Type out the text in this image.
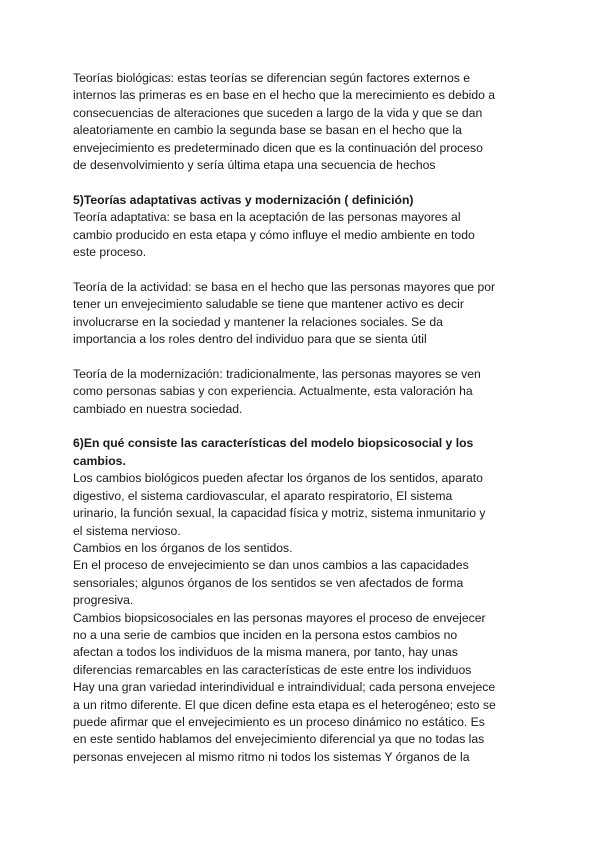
Teorías biológicas: estas teorías se diferencian según factores externos e
internos las primeras es en base en el hecho que la merecimiento es debido a
consecuencias de alteraciones que suceden a largo de la vida y que se dan
aleatoriamente en cambio la segunda base se basan en el hecho que la
envejecimiento es predeterminado dicen que es la continuación del proceso
de desenvolvimiento y sería última etapa una secuencia de hechos
5)Teorías adaptativas activas y modernización ( definición)
Teoría adaptativa: se basa en la aceptación de las personas mayores al
cambio producido en esta etapa y cómo influye el medio ambiente en todo
este proceso.
Teoría de la actividad: se basa en el hecho que las personas mayores que por
tener un envejecimiento saludable se tiene que mantener activo es decir
involucrarse en la sociedad y mantener la relaciones sociales. Se da
importancia a los roles dentro del individuo para que se sienta útil
Teoría de la modernización: tradicionalmente, las personas mayores se ven
como personas sabias y con experiencia. Actualmente, esta valoración ha
cambiado en nuestra sociedad.
6)En qué consiste las características del modelo biopsicosocial y los
cambios.
Los cambios biológicos pueden afectar los órganos de los sentidos, aparato
digestivo, el sistema cardiovascular, el aparato respiratorio, El sistema
urinario, la función sexual, la capacidad física y motriz, sistema inmunitario y
el sistema nervioso.
Cambios en los órganos de los sentidos.
En el proceso de envejecimiento se dan unos cambios a las capacidades
sensoriales; algunos órganos de los sentidos se ven afectados de forma
progresiva.
Cambios biopsicosociales en las personas mayores el proceso de envejecer
no a una serie de cambios que inciden en la persona estos cambios no
afectan a todos los individuos de la misma manera, por tanto, hay unas
diferencias remarcables en las características de este entre los individuos
Hay una gran variedad interindividual e intraindividual; cada persona envejece
a un ritmo diferente. El que dicen define esta etapa es el heterogéneo; esto se
puede afirmar que el envejecimiento es un proceso dinámico no estático. Es
en este sentido hablamos del envejecimiento diferencial ya que no todas las
personas envejecen al mismo ritmo ni todos los sistemas Y órganos de la
